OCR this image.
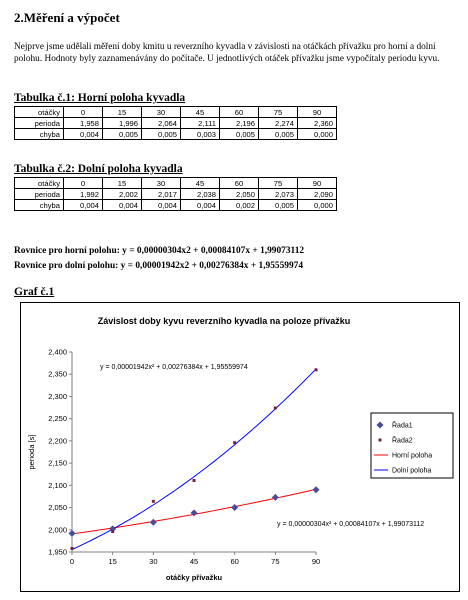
2.Měření a výpočet
Nejprve jsme udělali měření doby kmitu u reverzního kyvadla v závislosti na otáčkách přívažku pro horní a dolní polohu. Hodnoty byly zaznamenávány do počítače. U jednotlivých otáček přívažku jsme vypočítaly periodu kyvu.
Tabulka č.1: Horní poloha kyvadla
otáčky	0	15	30	45	60	75	90
perioda	1,958	1,996	2,064	2,111	2,196	2,274	2,360
chyba	0,004	0,005	0,005	0,003	0,005	0,005	0,000
Tabulka č.2: Dolní poloha kyvadla
otáčky	0	15	30	45	60	75	90
perioda	1,992	2,002	2,017	2,038	2,050	2,073	2,090
chyba	0,004	0,004	0,004	0,004	0,002	0,005	0,000
Rovnice pro horní polohu: y = 0,00000304x2 + 0,00084107x + 1,99073112
Rovnice pro dolní polohu: y = 0,00001942x2 + 0,00276384x + 1,95559974
Graf č.1
Závislost doby kyvu reverzního kyvadla na poloze přívažku
1,950
2,000
2,050
2,100
2,150
2,200
2,250
2,300
2,350
2,400
0	15	30	45	60	75	90
otáčky přívažku
perioda [s]
y = 0,00001942x² + 0,00276384x + 1,95559974
y = 0,00000304x² + 0,00084107x + 1,99073112
Řada1
Řada2
Horní poloha
Dolní poloha
